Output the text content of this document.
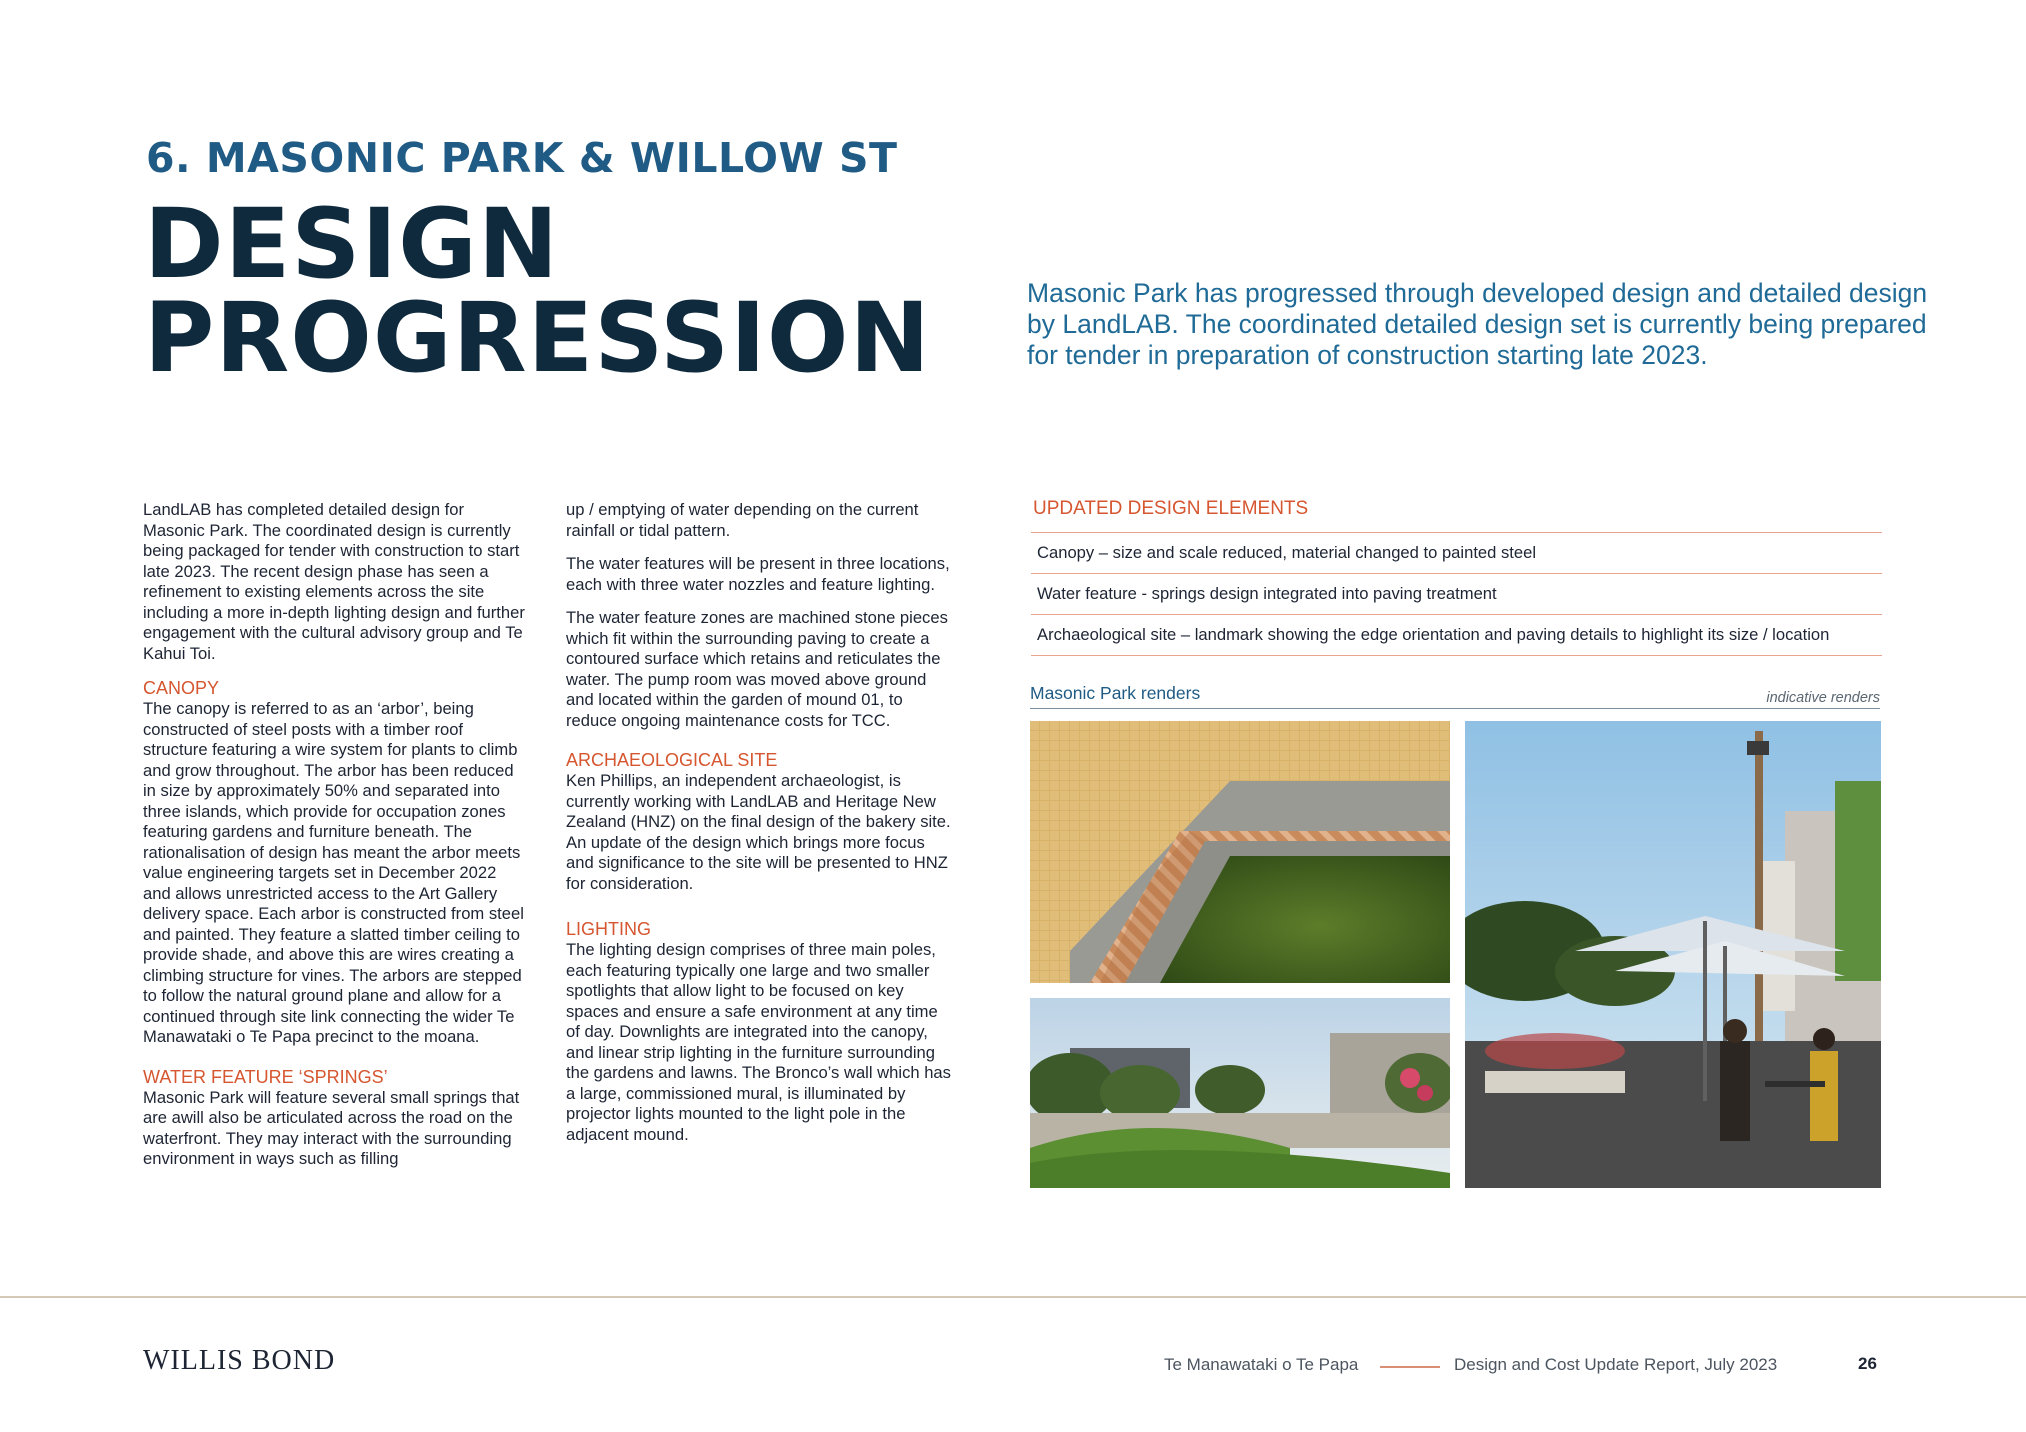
6. MASONIC PARK & WILLOW ST
DESIGN
PROGRESSION	Masonic Park has progressed through developed design and detailed design by LandLAB. The coordinated detailed design set is currently being prepared for tender in preparation of construction starting late 2023.

LandLAB has completed detailed design for Masonic Park. The coordinated design is currently being packaged for tender with construction to start late 2023. The recent design phase has seen a refinement to existing elements across the site including a more in-depth lighting design and further engagement with the cultural advisory group and Te Kahui Toi.

CANOPY

The canopy is referred to as an ‘arbor’, being constructed of steel posts with a timber roof structure featuring a wire system for plants to climb and grow throughout. The arbor has been reduced in size by approximately 50% and separated into three islands, which provide for occupation zones featuring gardens and furniture beneath. The rationalisation of design has meant the arbor meets value engineering targets set in December 2022 and allows unrestricted access to the Art Gallery delivery space. Each arbor is constructed from steel and painted. They feature a slatted timber ceiling to provide shade, and above this are wires creating a climbing structure for vines. The arbors are stepped to follow the natural ground plane and allow for a continued through site link connecting the wider Te Manawataki o Te Papa precinct to the moana.

WATER FEATURE ‘SPRINGS’

Masonic Park will feature several small springs that are awill also be articulated across the road on the waterfront. They may interact with the surrounding environment in ways such as filling

up / emptying of water depending on the current rainfall or tidal pattern.

The water features will be present in three locations, each with three water nozzles and feature lighting.

The water feature zones are machined stone pieces which fit within the surrounding paving to create a contoured surface which retains and reticulates the water. The pump room was moved above ground and located within the garden of mound 01, to reduce ongoing maintenance costs for TCC.

ARCHAEOLOGICAL SITE

Ken Phillips, an independent archaeologist, is currently working with LandLAB and Heritage New Zealand (HNZ) on the final design of the bakery site. An update of the design which brings more focus and significance to the site will be presented to HNZ for consideration.

LIGHTING

The lighting design comprises of three main poles, each featuring typically one large and two smaller spotlights that allow light to be focused on key spaces and ensure a safe environment at any time of day. Downlights are integrated into the canopy, and linear strip lighting in the furniture surrounding the gardens and lawns. The Bronco’s wall which has a large, commissioned mural, is illuminated by projector lights mounted to the light pole in the adjacent mound.

UPDATED DESIGN ELEMENTS
Canopy – size and scale reduced, material changed to painted steel
Water feature - springs design integrated into paving treatment
Archaeological site – landmark showing the edge orientation and paving details to highlight its size / location
Masonic Park renders	indicative renders
WILLIS BOND	Te Manawataki o Te Papa	Design and Cost Update Report, July 2023	26
